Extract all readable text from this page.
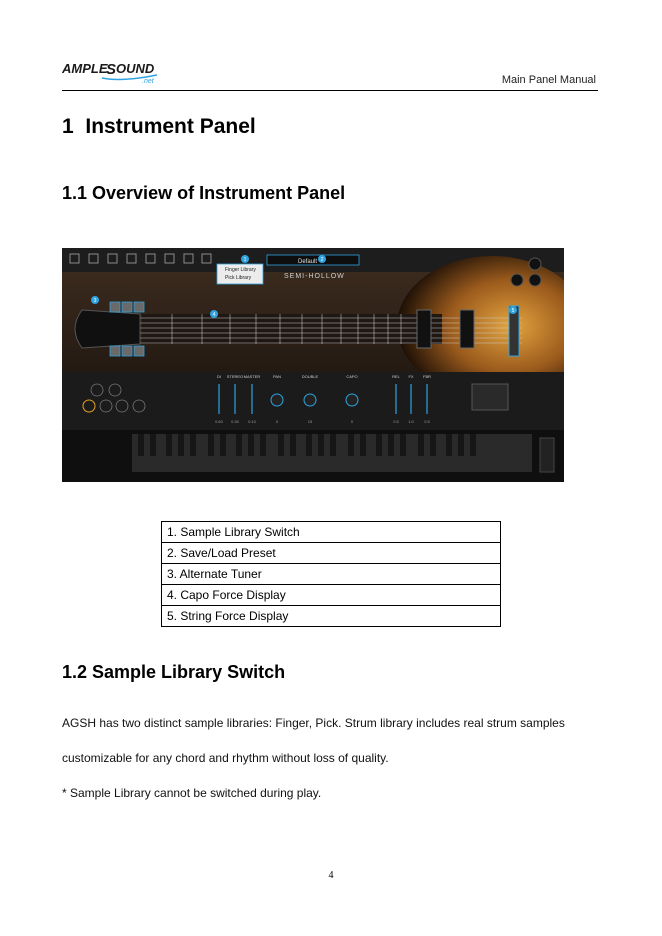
AMPLE
S OUND
.net	Main Panel Manual
1 Instrument Panel
1.1 Overview of Instrument Panel
Default
Finger Library
Pick Library	SEMI-HOLLOW
1	2
3
4
5
DI STEREO MASTER	PAN	DOUBLE	CAPO	REL FX FBR
0.60 0.30 0.10	0	15	0	0.5 1.0	0.5
1. Sample Library Switch
2. Save/Load Preset
3. Alternate Tuner
4. Capo Force Display
5. String Force Display
1.2 Sample Library Switch
AGSH has two distinct sample libraries: Finger, Pick. Strum library includes real strum samples
customizable for any chord and rhythm without loss of quality.
* Sample Library cannot be switched during play.
4
